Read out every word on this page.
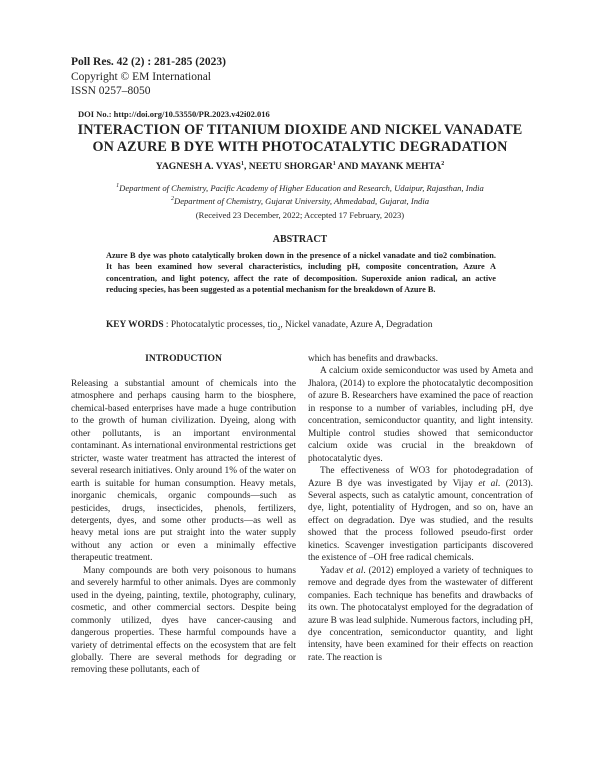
Poll Res. 42 (2) : 281-285 (2023)
Copyright © EM International
ISSN 0257–8050
DOI No.: http://doi.org/10.53550/PR.2023.v42i02.016
INTERACTION OF TITANIUM DIOXIDE AND NICKEL VANADATE
ON AZURE B DYE WITH PHOTOCATALYTIC DEGRADATION
YAGNESH A. VYAS$^1$, NEETU SHORGAR$^1$ AND MAYANK MEHTA$^2$
$^1$Department of Chemistry, Pacific Academy of Higher Education and Research, Udaipur, Rajasthan, India
$^2$Department of Chemistry, Gujarat University, Ahmedabad, Gujarat, India
(Received 23 December, 2022; Accepted 17 February, 2023)
ABSTRACT
Azure B dye was photo catalytically broken down in the presence of a nickel vanadate and tio2 combination. It has been examined how several characteristics, including pH, composite concentration, Azure A concentration, and light potency, affect the rate of decomposition. Superoxide anion radical, an active reducing species, has been suggested as a potential mechanism for the breakdown of Azure B.
KEY WORDS : Photocatalytic processes, tio$_2$, Nickel vanadate, Azure A, Degradation
INTRODUCTION

Releasing a substantial amount of chemicals into the atmosphere and perhaps causing harm to the biosphere, chemical-based enterprises have made a huge contribution to the growth of human civilization. Dyeing, along with other pollutants, is an important environmental contaminant. As international environmental restrictions get stricter, waste water treatment has attracted the interest of several research initiatives. Only around 1% of the water on earth is suitable for human consumption. Heavy metals, inorganic chemicals, organic compounds—such as pesticides, drugs, insecticides, phenols, fertilizers, detergents, dyes, and some other products—as well as heavy metal ions are put straight into the water supply without any action or even a minimally effective therapeutic treatment.

Many compounds are both very poisonous to humans and severely harmful to other animals. Dyes are commonly used in the dyeing, painting, textile, photography, culinary, cosmetic, and other commercial sectors. Despite being commonly utilized, dyes have cancer-causing and dangerous properties. These harmful compounds have a variety of detrimental effects on the ecosystem that are felt globally. There are several methods for degrading or removing these pollutants, each of

which has benefits and drawbacks.

A calcium oxide semiconductor was used by Ameta and Jhalora, (2014) to explore the photocatalytic decomposition of azure B. Researchers have examined the pace of reaction in response to a number of variables, including pH, dye concentration, semiconductor quantity, and light intensity. Multiple control studies showed that semiconductor calcium oxide was crucial in the breakdown of photocatalytic dyes.

The effectiveness of WO3 for photodegradation of Azure B dye was investigated by Vijay et al. (2013). Several aspects, such as catalytic amount, concentration of dye, light, potentiality of Hydrogen, and so on, have an effect on degradation. Dye was studied, and the results showed that the process followed pseudo-first order kinetics. Scavenger investigation participants discovered the existence of –OH free radical chemicals.

Yadav et al. (2012) employed a variety of techniques to remove and degrade dyes from the wastewater of different companies. Each technique has benefits and drawbacks of its own. The photocatalyst employed for the degradation of azure B was lead sulphide. Numerous factors, including pH, dye concentration, semiconductor quantity, and light intensity, have been examined for their effects on reaction rate. The reaction is
